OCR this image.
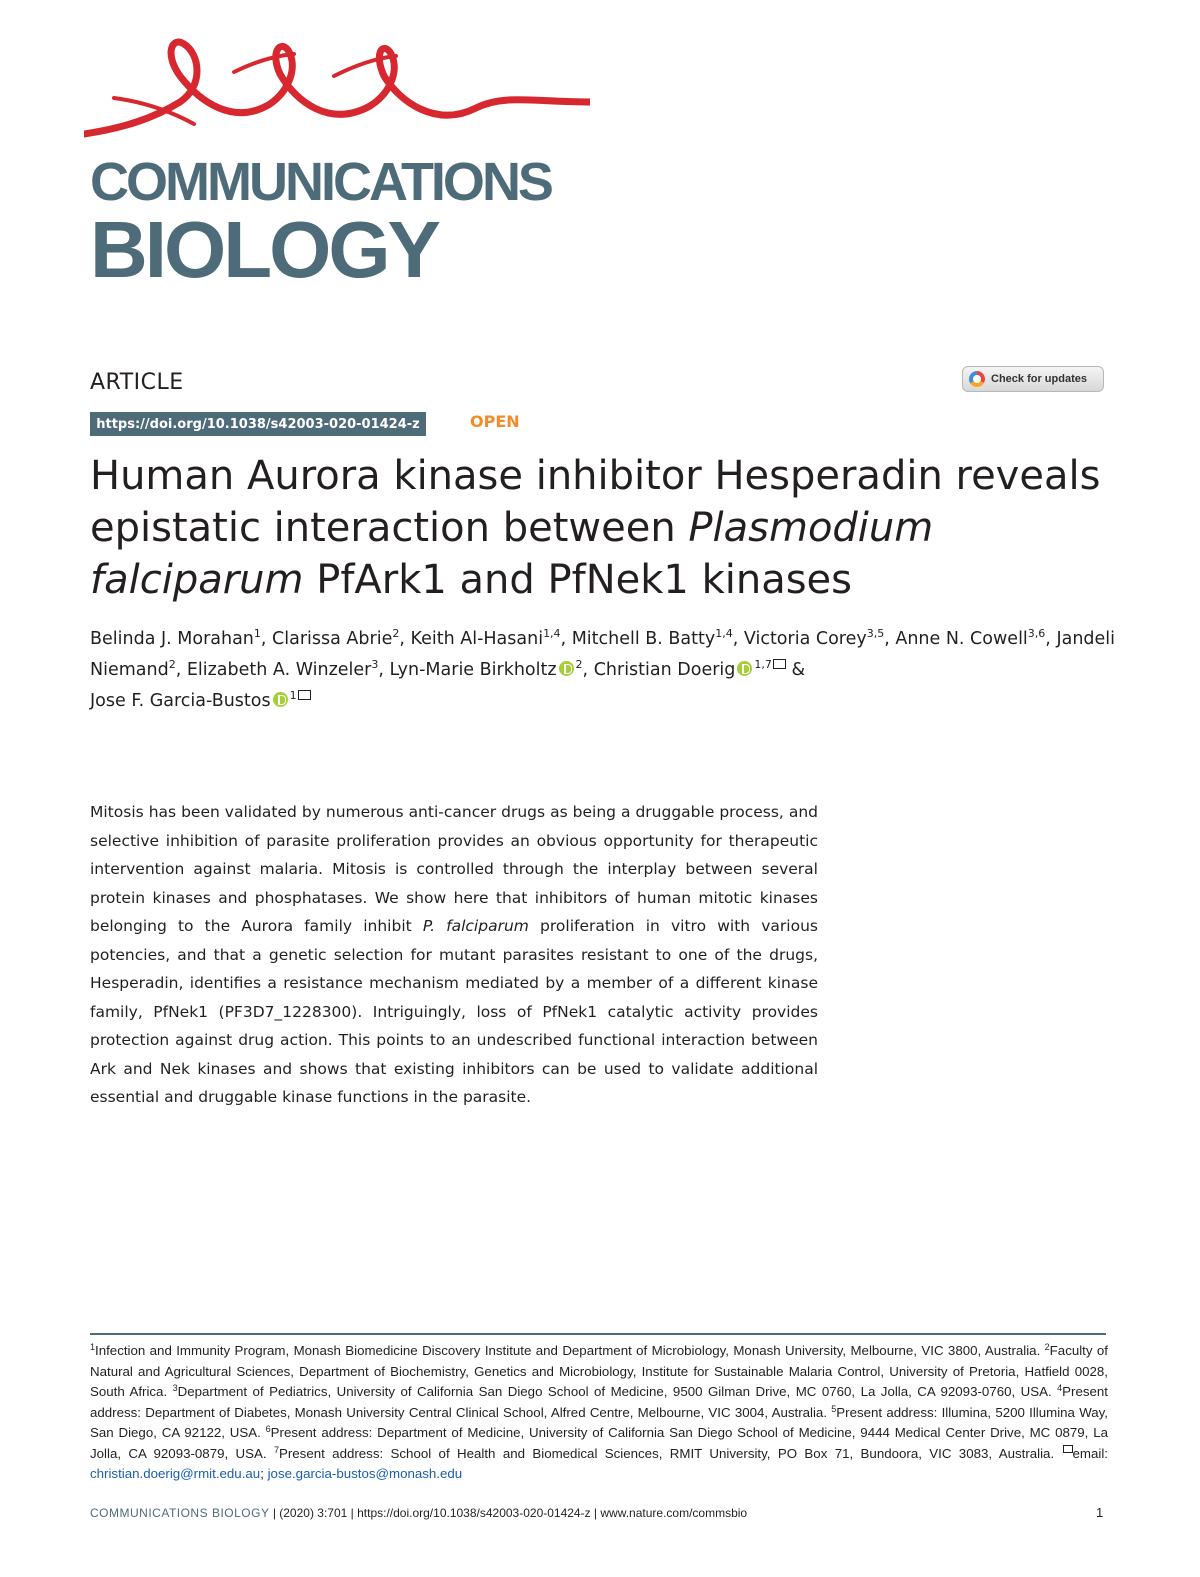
COMMUNICATIONS
BIOLOGY
ARTICLE	Check for updates
https://doi.org/10.1038/s42003-020-01424-z	OPEN
Human Aurora kinase inhibitor Hesperadin reveals epistatic interaction between Plasmodium falciparum PfArk1 and PfNek1 kinases
Belinda J. Morahan$^1$, Clarissa Abrie$^2$, Keith Al-Hasani$^{1,4}$, Mitchell B. Batty$^{1,4}$, Victoria Corey$^{3,5}$, Anne N. Cowell$^{3,6}$, Jandeli Niemand$^2$, Elizabeth A. Winzeler$^3$, Lyn-Marie Birkholtz $^2$, Christian Doerig $^{1,7}$ &
Jose F. Garcia-Bustos $^1$
Mitosis has been validated by numerous anti-cancer drugs as being a druggable process, and selective inhibition of parasite proliferation provides an obvious opportunity for therapeutic intervention against malaria. Mitosis is controlled through the interplay between several protein kinases and phosphatases. We show here that inhibitors of human mitotic kinases belonging to the Aurora family inhibit P. falciparum proliferation in vitro with various potencies, and that a genetic selection for mutant parasites resistant to one of the drugs, Hesperadin, identifies a resistance mechanism mediated by a member of a different kinase family, PfNek1 (PF3D7_1228300). Intriguingly, loss of PfNek1 catalytic activity provides protection against drug action. This points to an undescribed functional interaction between Ark and Nek kinases and shows that existing inhibitors can be used to validate additional essential and druggable kinase functions in the parasite.
$^1$Infection and Immunity Program, Monash Biomedicine Discovery Institute and Department of Microbiology, Monash University, Melbourne, VIC 3800, Australia. $^2$Faculty of Natural and Agricultural Sciences, Department of Biochemistry, Genetics and Microbiology, Institute for Sustainable Malaria Control, University of Pretoria, Hatfield 0028, South Africa. $^3$Department of Pediatrics, University of California San Diego School of Medicine, 9500 Gilman Drive, MC 0760, La Jolla, CA 92093-0760, USA. $^4$Present address: Department of Diabetes, Monash University Central Clinical School, Alfred Centre, Melbourne, VIC 3004, Australia. $^5$Present address: Illumina, 5200 Illumina Way, San Diego, CA 92122, USA. $^6$Present address: Department of Medicine, University of California San Diego School of Medicine, 9444 Medical Center Drive, MC 0879, La Jolla, CA 92093-0879, USA. $^7$Present address: School of Health and Biomedical Sciences, RMIT University, PO Box 71, Bundoora, VIC 3083, Australia. email: christian.doerig@rmit.edu.au; jose.garcia-bustos@monash.edu
COMMUNICATIONS BIOLOGY | (2020) 3:701 | https://doi.org/10.1038/s42003-020-01424-z | www.nature.com/commsbio	1
